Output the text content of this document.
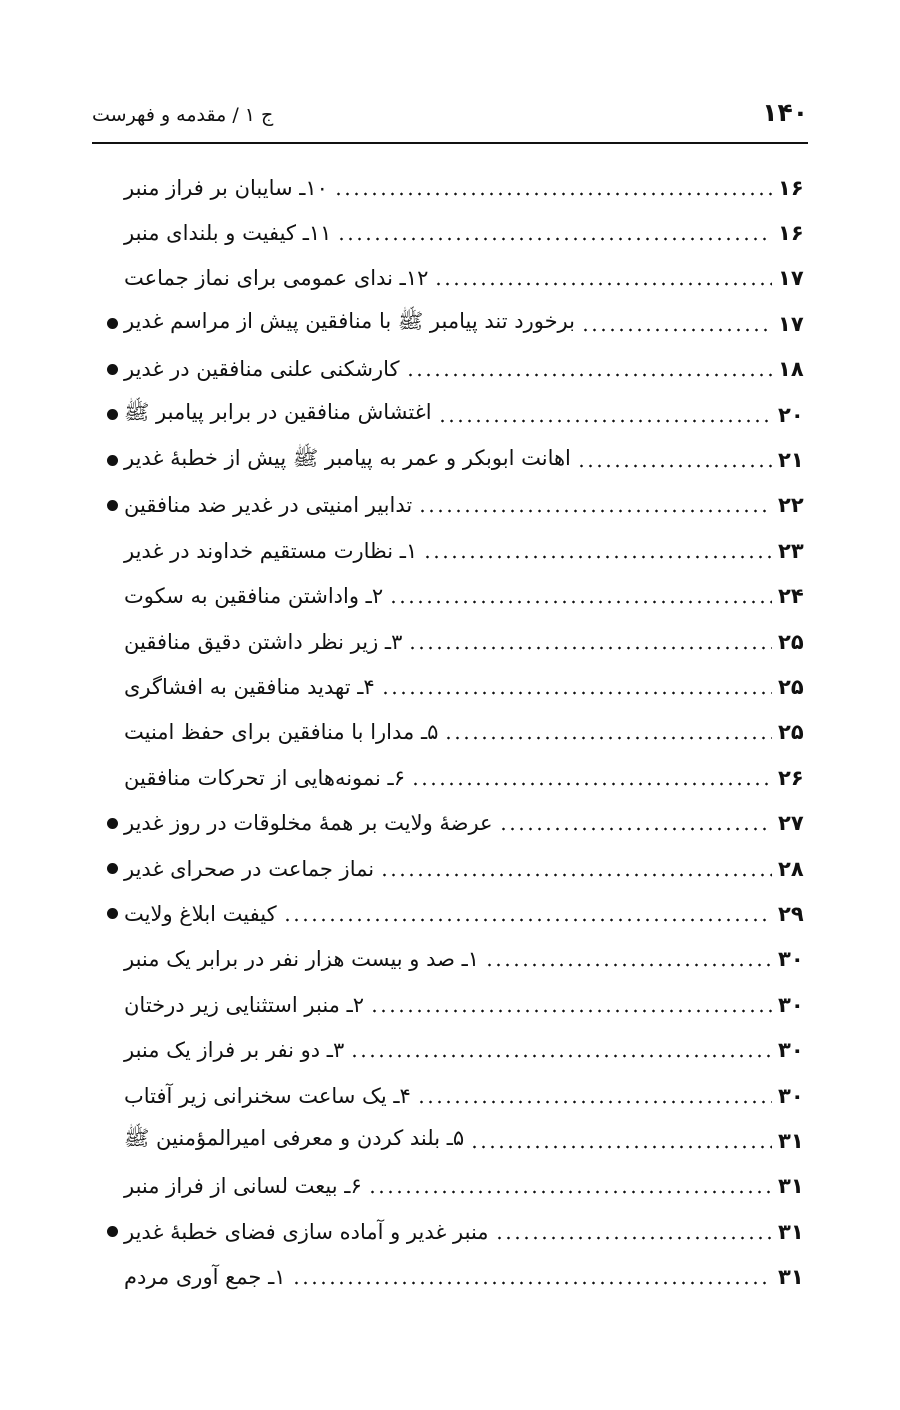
۱۴۰
ج ۱ / مقدمه و فهرست
۱۰ـ سایبان بر فراز منبر	۱۶
۱۱ـ کیفیت و بلندای منبر	۱۶
۱۲ـ ندای عمومی برای نماز جماعت	۱۷
برخورد تند پیامبر ﷺ با منافقین پیش از مراسم غدیر	۱۷
کارشکنی علنی منافقین در غدیر	۱۸
اغتشاش منافقین در برابر پیامبر ﷺ	۲۰
اهانت ابوبکر و عمر به پیامبر ﷺ پیش از خطبهٔ غدیر	۲۱
تدابیر امنیتی در غدیر ضد منافقین	۲۲
۱ـ نظارت مستقیم خداوند در غدیر	۲۳
۲ـ واداشتن منافقین به سکوت	۲۴
۳ـ زیر نظر داشتن دقیق منافقین	۲۵
۴ـ تهدید منافقین به افشاگری	۲۵
۵ـ مدارا با منافقین برای حفظ امنیت	۲۵
۶ـ نمونه‌هایی از تحرکات منافقین	۲۶
عرضهٔ ولایت بر همهٔ مخلوقات در روز غدیر	۲۷
نماز جماعت در صحرای غدیر	۲۸
کیفیت ابلاغ ولایت	۲۹
۱ـ صد و بیست هزار نفر در برابر یک منبر	۳۰
۲ـ منبر استثنایی زیر درختان	۳۰
۳ـ دو نفر بر فراز یک منبر	۳۰
۴ـ یک ساعت سخنرانی زیر آفتاب	۳۰
۵ـ بلند کردن و معرفی امیرالمؤمنین ﷺ	۳۱
۶ـ بیعت لسانی از فراز منبر	۳۱
منبر غدیر و آماده سازی فضای خطبهٔ غدیر	۳۱
۱ـ جمع آوری مردم	۳۱
